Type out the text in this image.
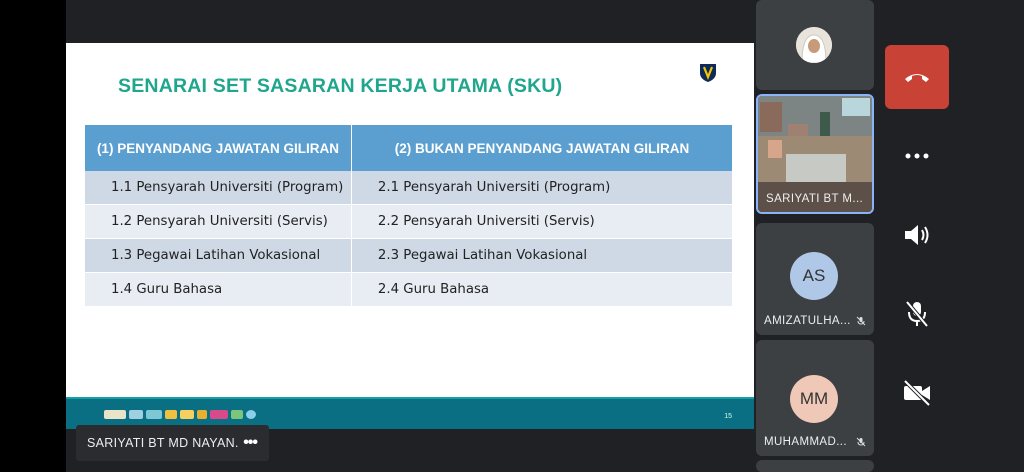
SENARAI SET SASARAN KERJA UTAMA (SKU)
(1) PENYANDANG JAWATAN GILIRAN	(2) BUKAN PENYANDANG JAWATAN GILIRAN
1.1 Pensyarah Universiti (Program)	2.1 Pensyarah Universiti (Program)
1.2 Pensyarah Universiti (Servis)	2.2 Pensyarah Universiti (Servis)
1.3 Pegawai Latihan Vokasional	2.3 Pegawai Latihan Vokasional
1.4 Guru Bahasa	2.4 Guru Bahasa
15
SARIYATI BT MD NAYAN. •••
SARIYATI BT M...
AS
AMIZATULHA...
MM
MUHAMMAD...
